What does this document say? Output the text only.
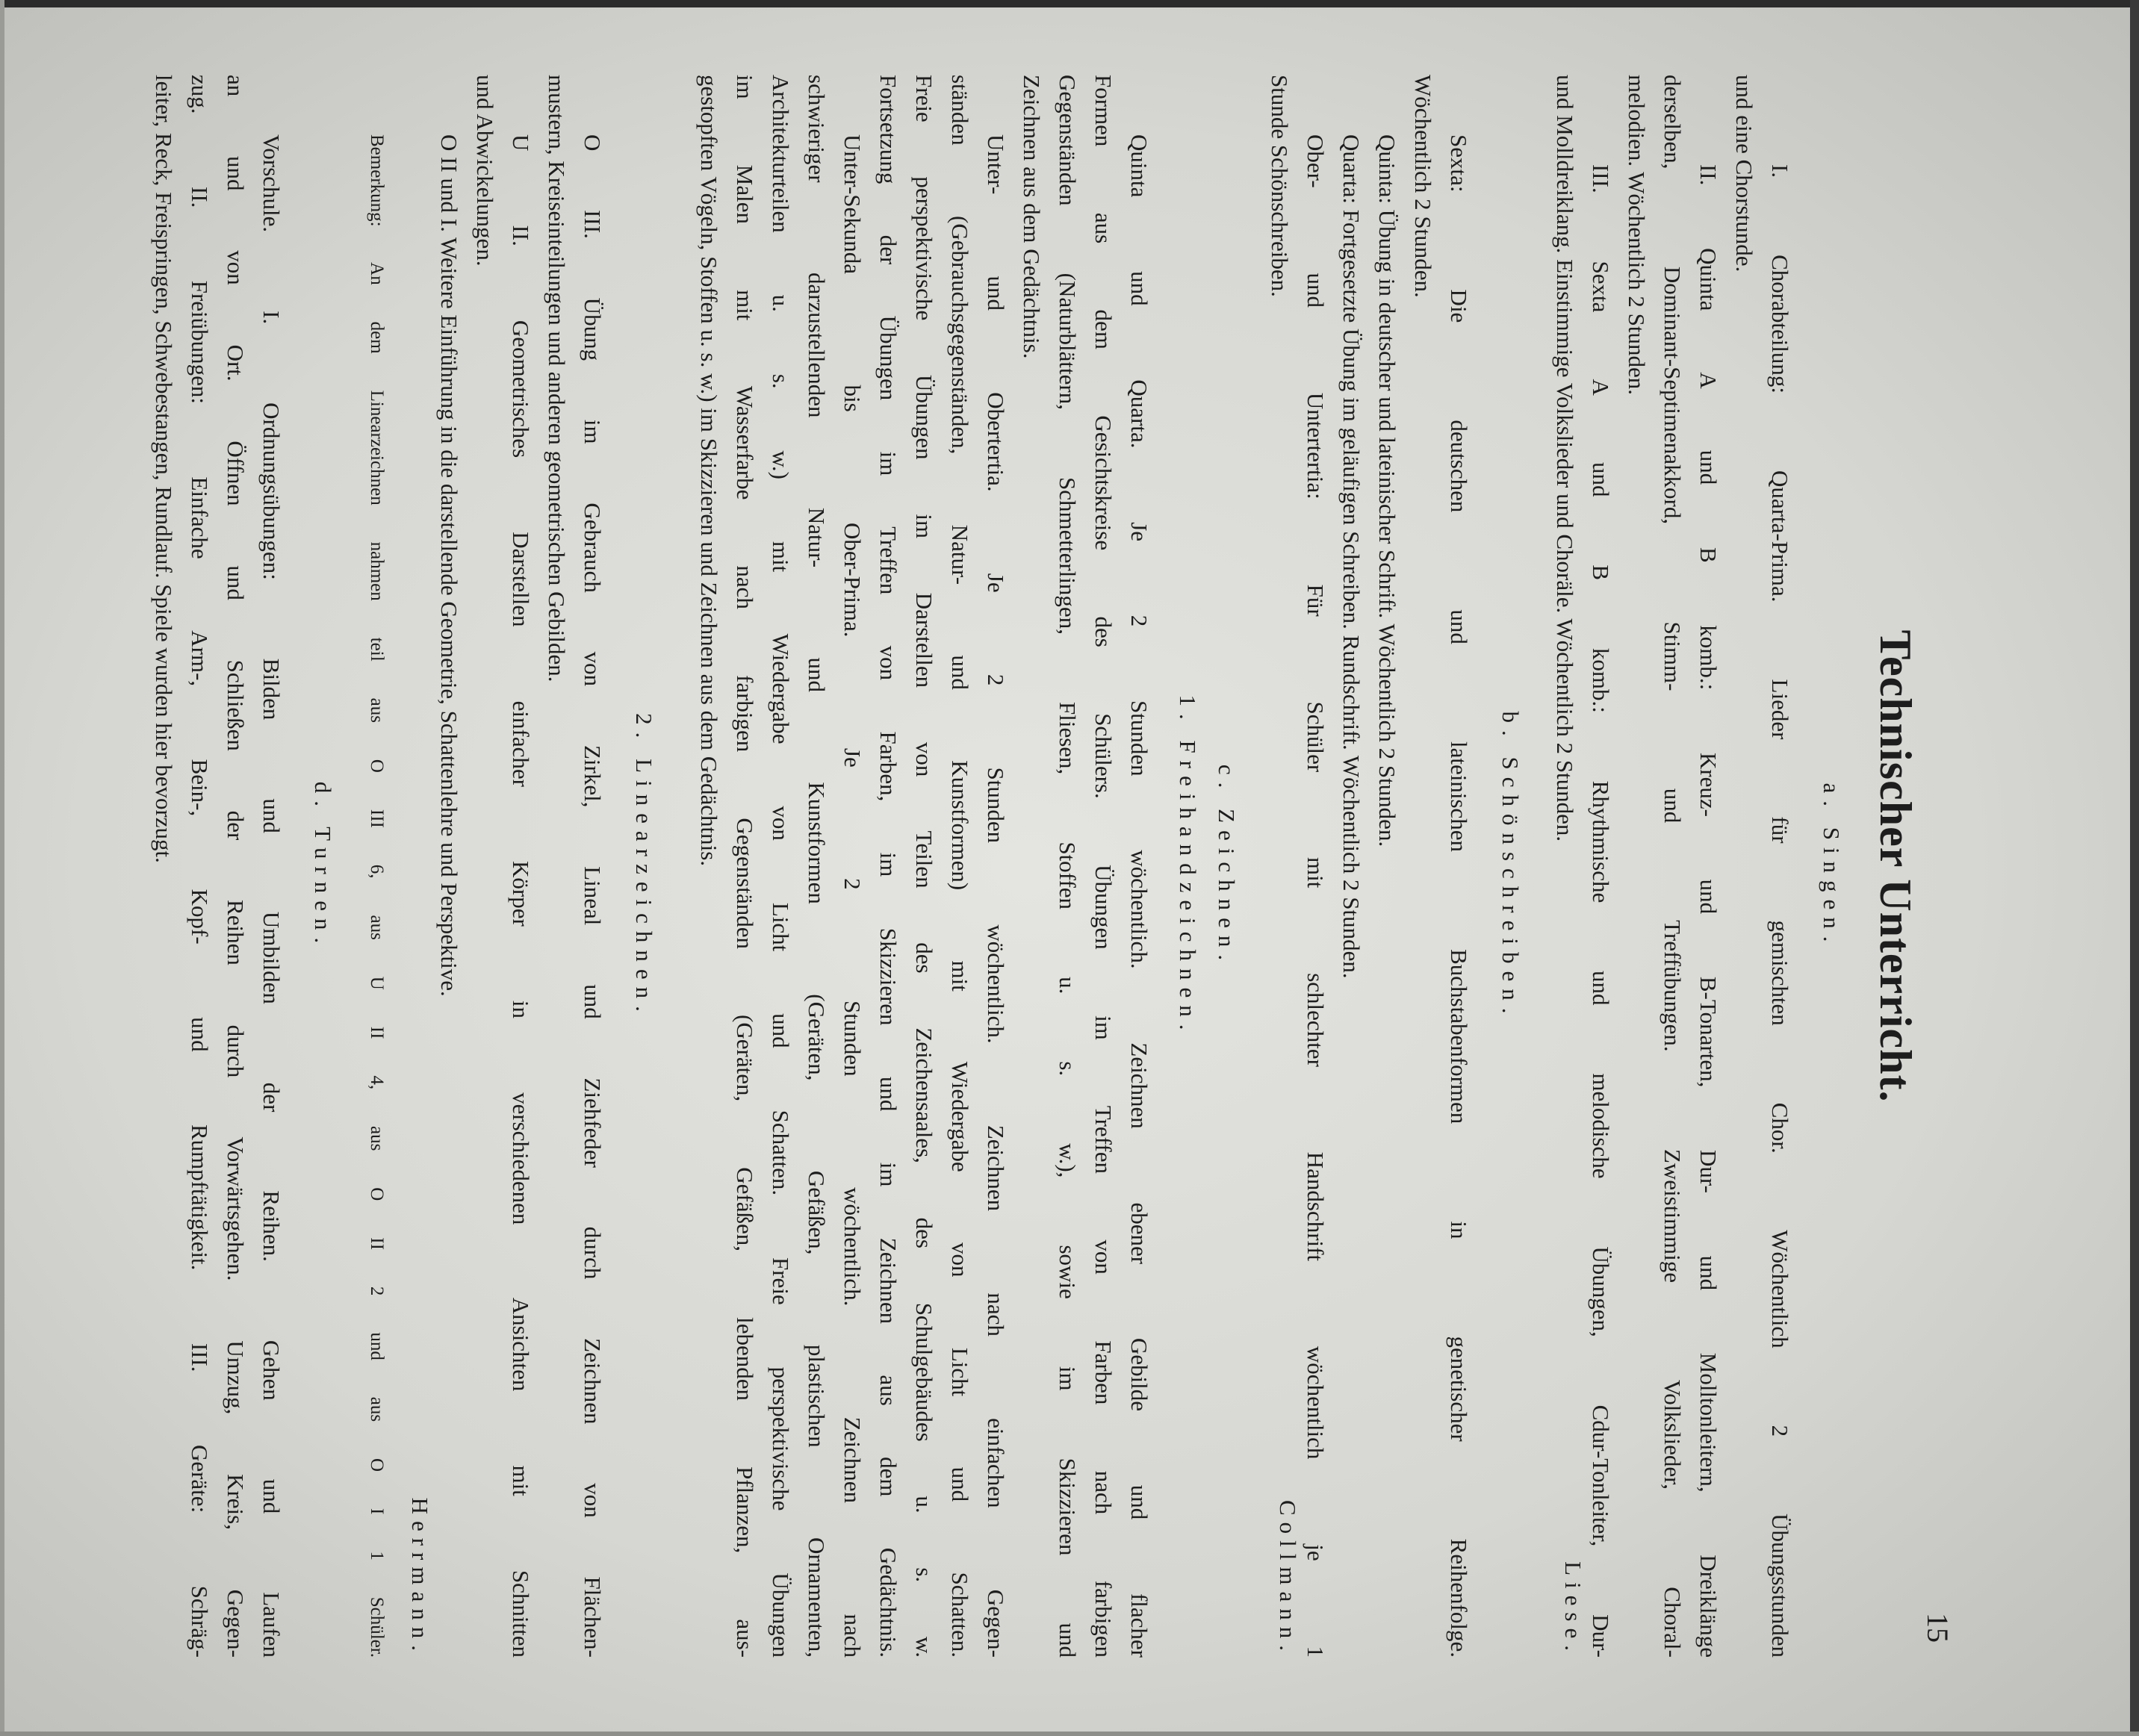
15

Technischer Unterricht.

a. Singen.

I. Chorabteilung: Quarta-Prima. Lieder für gemischten Chor. Wöchentlich 2 Übungsstunden

und eine Chorstunde.

II. Quinta A und B komb.: Kreuz- und B-Tonarten, Dur- und Molltonleitern, Dreiklänge

derselben, Dominant-Septimenakkord, Stimm- und Treffübungen. Zweistimmige Volkslieder, Choral-

melodien. Wöchentlich 2 Stunden.

III. Sexta A und B komb.: Rhythmische und melodische Übungen, Cdur-Tonleiter, Dur-

und Molldreiklang. Einstimmige Volkslieder und Choräle. Wöchentlich 2 Stunden.

Liese.

b. Schönschreiben.

Sexta: Die deutschen und lateinischen Buchstabenformen in genetischer Reihenfolge.

Wöchentlich 2 Stunden.

Quinta: Übung in deutscher und lateinischer Schrift. Wöchentlich 2 Stunden.

Quarta: Fortgesetzte Übung im geläufigen Schreiben. Rundschrift. Wöchentlich 2 Stunden.

Ober- und Untertertia: Für Schüler mit schlechter Handschrift wöchentlich je 1

Stunde Schönschreiben.

Collmann.

c. Zeichnen.

1. Freihandzeichnen.

Quinta und Quarta. Je 2 Stunden wöchentlich. Zeichnen ebener Gebilde und flacher

Formen aus dem Gesichtskreise des Schülers. Übungen im Treffen von Farben nach farbigen

Gegenständen (Naturblättern, Schmetterlingen, Fliesen, Stoffen u. s. w.), sowie im Skizzieren und

Zeichnen aus dem Gedächtnis.

Unter- und Obertertia. Je 2 Stunden wöchentlich. Zeichnen nach einfachen Gegen-

ständen (Gebrauchsgegenständen, Natur- und Kunstformen) mit Wiedergabe von Licht und Schatten.

Freie perspektivische Übungen im Darstellen von Teilen des Zeichensaales, des Schulgebäudes u. s. w.

Fortsetzung der Übungen im Treffen von Farben, im Skizzieren und im Zeichnen aus dem Gedächtnis.

Unter-Sekunda bis Ober-Prima. Je 2 Stunden wöchentlich. Zeichnen nach

schwieriger darzustellenden Natur- und Kunstformen (Geräten, Gefäßen, plastischen Ornamenten,

Architekturteilen u. s. w.) mit Wiedergabe von Licht und Schatten. Freie perspektivische Übungen

im Malen mit Wasserfarbe nach farbigen Gegenständen (Geräten, Gefäßen, lebenden Pflanzen, aus-

gestopften Vögeln, Stoffen u. s. w.) im Skizzieren und Zeichnen aus dem Gedächtnis.

2. Linearzeichnen.

O III. Übung im Gebrauch von Zirkel, Lineal und Ziehfeder durch Zeichnen von Flächen-

mustern, Kreiseinteilungen und anderen geometrischen Gebilden.

U II. Geometrisches Darstellen einfacher Körper in verschiedenen Ansichten mit Schnitten

und Abwickelungen.

O II und I. Weitere Einführung in die darstellende Geometrie, Schattenlehre und Perspektive.

Herrmann.

Bemerkung: An dem Linearzeichnen nahmen teil aus O III 6, aus U II 4, aus O II 2 und aus O I 1 Schüler.

d. Turnen.

Vorschule. I. Ordnungsübungen: Bilden und Umbilden der Reihen. Gehen und Laufen

an und von Ort. Öffnen und Schließen der Reihen durch Vorwärtsgehen. Umzug, Kreis, Gegen-

zug. II. Freiübungen: Einfache Arm-, Bein-, Kopf- und Rumpftätigkeit. III. Geräte: Schräg-

leiter, Reck, Freispringen, Schwebestangen, Rundlauf. Spiele wurden hier bevorzugt.
